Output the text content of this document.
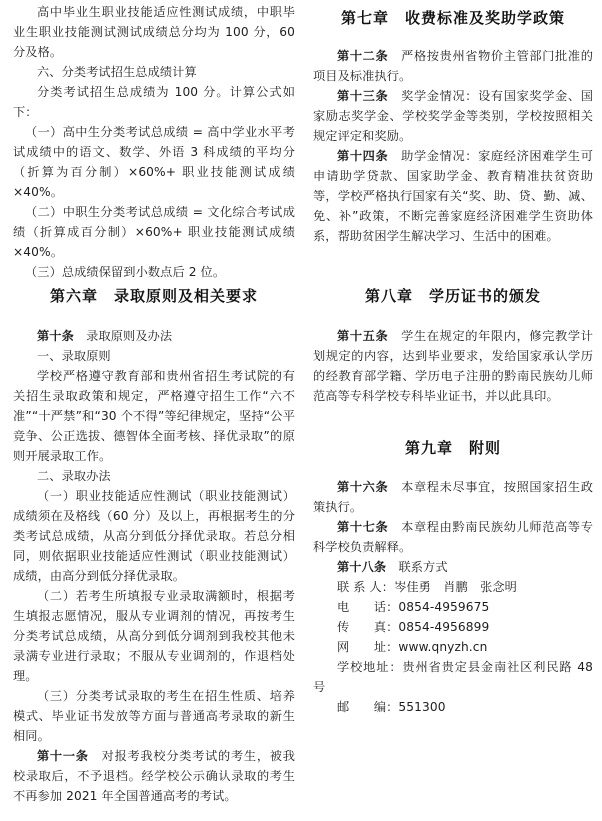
高中毕业生职业技能适应性测试成绩，中职毕业生职业技能测试测试成绩总分均为 100 分，60 分及格。

六、分类考试招生总成绩计算

分类考试招生总成绩为 100 分。计算公式如下：

（一）高中生分类考试总成绩 = 高中学业水平考试成绩中的语文、数学、外语 3 科成绩的平均分（折算为百分制）×60%+ 职业技能测试成绩 ×40%。

（二）中职生分类考试总成绩 = 文化综合考试成绩（折算成百分制）×60%+ 职业技能测试成绩 ×40%。

（三）总成绩保留到小数点后 2 位。

第六章　录取原则及相关要求

第十条　 录取原则及办法

一、录取原则

学校严格遵守教育部和贵州省招生考试院的有关招生录取政策和规定，严格遵守招生工作“六不准”“十严禁”和“30 个不得”等纪律规定，坚持“公平竞争、公正选拔、德智体全面考核、择优录取”的原则开展录取工作。

二、录取办法

（一）职业技能适应性测试（职业技能测试）成绩须在及格线（60 分）及以上，再根据考生的分类考试总成绩，从高分到低分择优录取。若总分相同，则依据职业技能适应性测试（职业技能测试）成绩，由高分到低分择优录取。

（二）若考生所填报专业录取满额时，根据考生填报志愿情况，服从专业调剂的情况，再按考生分类考试总成绩，从高分到低分调剂到我校其他未录满专业进行录取；不服从专业调剂的，作退档处理。

（三）分类考试录取的考生在招生性质、培养模式、毕业证书发放等方面与普通高考录取的新生相同。

第十一条　 对报考我校分类考试的考生，被我校录取后，不予退档。经学校公示确认录取的考生不再参加 2021 年全国普通高考的考试。

第七章　收费标准及奖助学政策

第十二条　 严格按贵州省物价主管部门批准的项目及标准执行。

第十三条　 奖学金情况：设有国家奖学金、国家励志奖学金、学校奖学金等类别，学校按照相关规定评定和奖励。

第十四条　 助学金情况：家庭经济困难学生可申请助学贷款、国家助学金、教育精准扶贫资助等，学校严格执行国家有关“奖、助、贷、勤、减、免、补”政策，不断完善家庭经济困难学生资助体系，帮助贫困学生解决学习、生活中的困难。

第八章　学历证书的颁发

第十五条　 学生在规定的年限内，修完教学计划规定的内容，达到毕业要求，发给国家承认学历的经教育部学籍、学历电子注册的黔南民族幼儿师范高等专科学校专科毕业证书，并以此具印。

第九章　附则

第十六条　 本章程未尽事宜，按照国家招生政策执行。

第十七条　 本章程由黔南民族幼儿师范高等专科学校负责解释。

第十八条　 联系方式

联 系 人：岑佳勇　肖鹏　张念明

电　　话：0854-4959675

传　　真：0854-4956899

网　　址：www.qnyzh.cn

学校地址：贵州省贵定县金南社区利民路 48 号

邮　　编：551300
